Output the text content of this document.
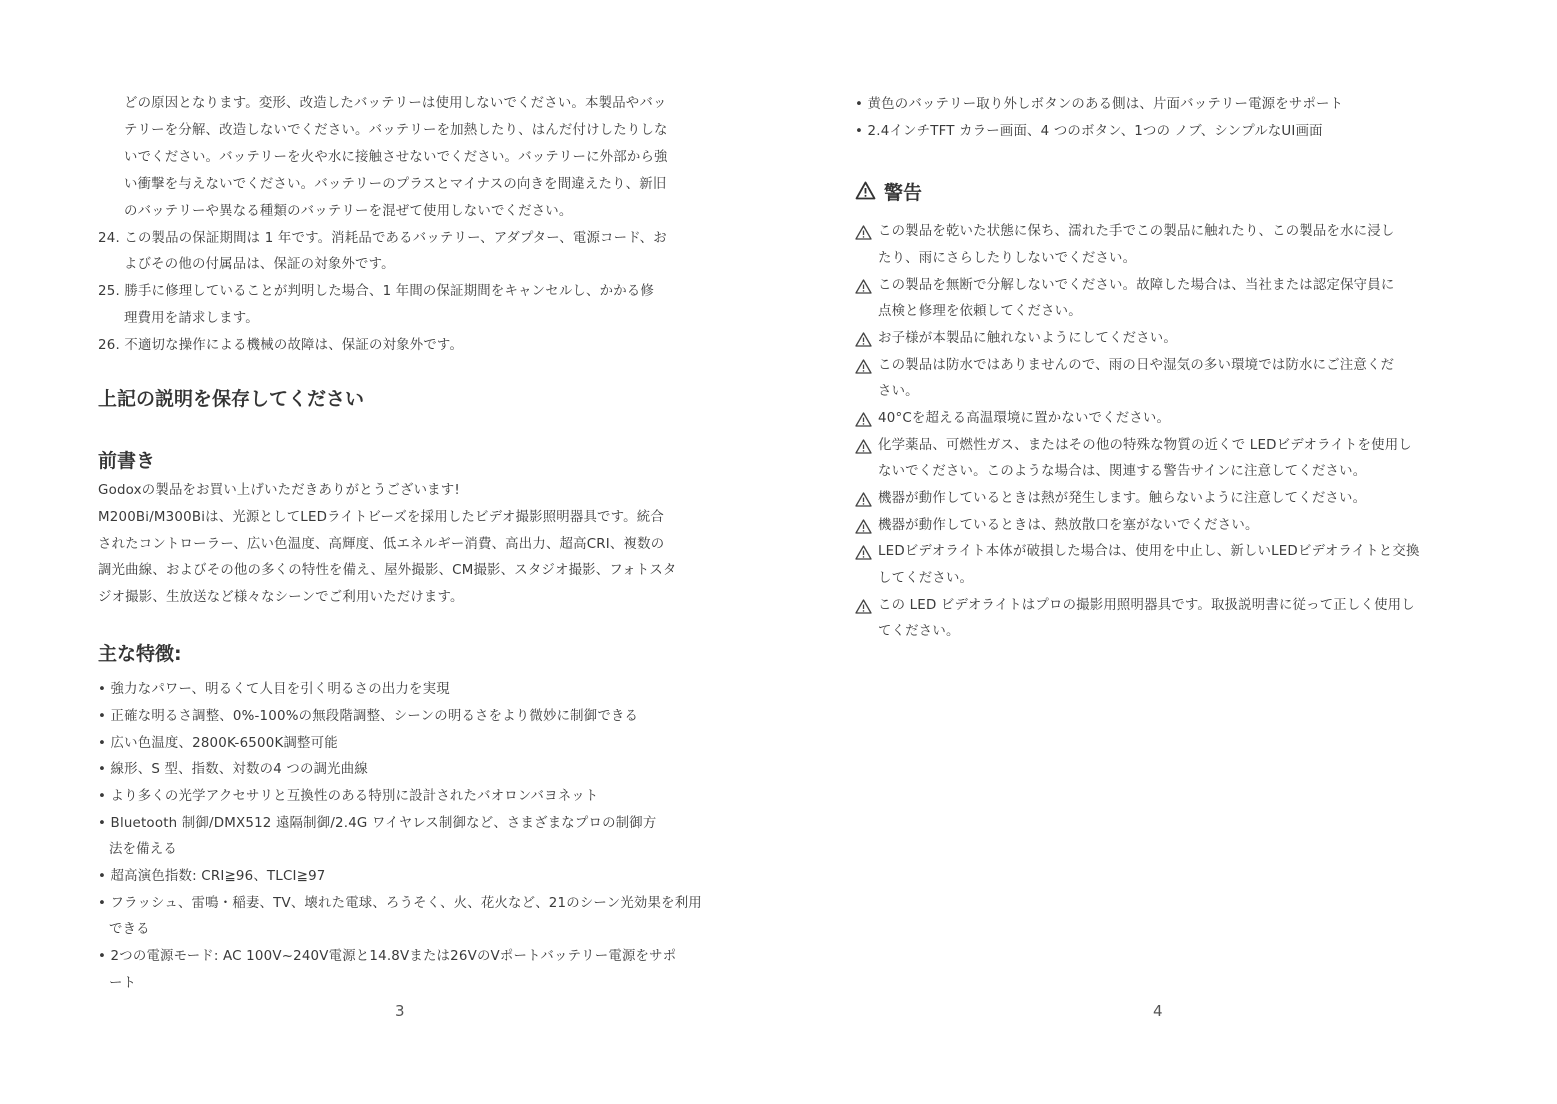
どの原因となります。変形、改造したバッテリーは使用しないでください。本製品やバッ
テリーを分解、改造しないでください。バッテリーを加熱したり、はんだ付けしたりしな
いでください。バッテリーを火や水に接触させないでください。バッテリーに外部から強
い衝撃を与えないでください。バッテリーのプラスとマイナスの向きを間違えたり、新旧
のバッテリーや異なる種類のバッテリーを混ぜて使用しないでください。
24. この製品の保証期間は 1 年です。消耗品であるバッテリー、アダプター、電源コード、お
よびその他の付属品は、保証の対象外です。
25. 勝手に修理していることが判明した場合、1 年間の保証期間をキャンセルし、かかる修
理費用を請求します。
26. 不適切な操作による機械の故障は、保証の対象外です。
上記の説明を保存してください
前書き
Godoxの製品をお買い上げいただきありがとうございます!
M200Bi/M300Biは、光源としてLEDライトビーズを採用したビデオ撮影照明器具です。統合
されたコントローラー、広い色温度、高輝度、低エネルギー消費、高出力、超高CRI、複数の
調光曲線、およびその他の多くの特性を備え、屋外撮影、CM撮影、スタジオ撮影、フォトスタ
ジオ撮影、生放送など様々なシーンでご利用いただけます。
主な特徴:
• 強力なパワー、明るくて人目を引く明るさの出力を実現
• 正確な明るさ調整、0%-100%の無段階調整、シーンの明るさをより微妙に制御できる
• 広い色温度、2800K-6500K調整可能
• 線形、S 型、指数、対数の4 つの調光曲線
• より多くの光学アクセサリと互換性のある特別に設計されたバオロンバヨネット
• Bluetooth 制御/DMX512 遠隔制御/2.4G ワイヤレス制御など、さまざまなプロの制御方
法を備える
• 超高演色指数: CRI≧96、TLCI≧97
• フラッシュ、雷鳴・稲妻、TV、壊れた電球、ろうそく、火、花火など、21のシーン光効果を利用
できる
• 2つの電源モード: AC 100V~240V電源と14.8Vまたは26VのVポートバッテリー電源をサポ
ート
3
• 黄色のバッテリー取り外しボタンのある側は、片面バッテリー電源をサポート
• 2.4インチTFT カラー画面、4 つのボタン、1つの ノブ、シンプルなUI画面
警告
この製品を乾いた状態に保ち、濡れた手でこの製品に触れたり、この製品を水に浸し
たり、雨にさらしたりしないでください。
この製品を無断で分解しないでください。故障した場合は、当社または認定保守員に
点検と修理を依頼してください。
お子様が本製品に触れないようにしてください。
この製品は防水ではありませんので、雨の日や湿気の多い環境では防水にご注意くだ
さい。
40°Cを超える高温環境に置かないでください。
化学薬品、可燃性ガス、またはその他の特殊な物質の近くで LEDビデオライトを使用し
ないでください。このような場合は、関連する警告サインに注意してください。
機器が動作しているときは熱が発生します。触らないように注意してください。
機器が動作しているときは、熱放散口を塞がないでください。
LEDビデオライト本体が破損した場合は、使用を中止し、新しいLEDビデオライトと交換
してください。
この LED ビデオライトはプロの撮影用照明器具です。取扱説明書に従って正しく使用し
てください。
4
